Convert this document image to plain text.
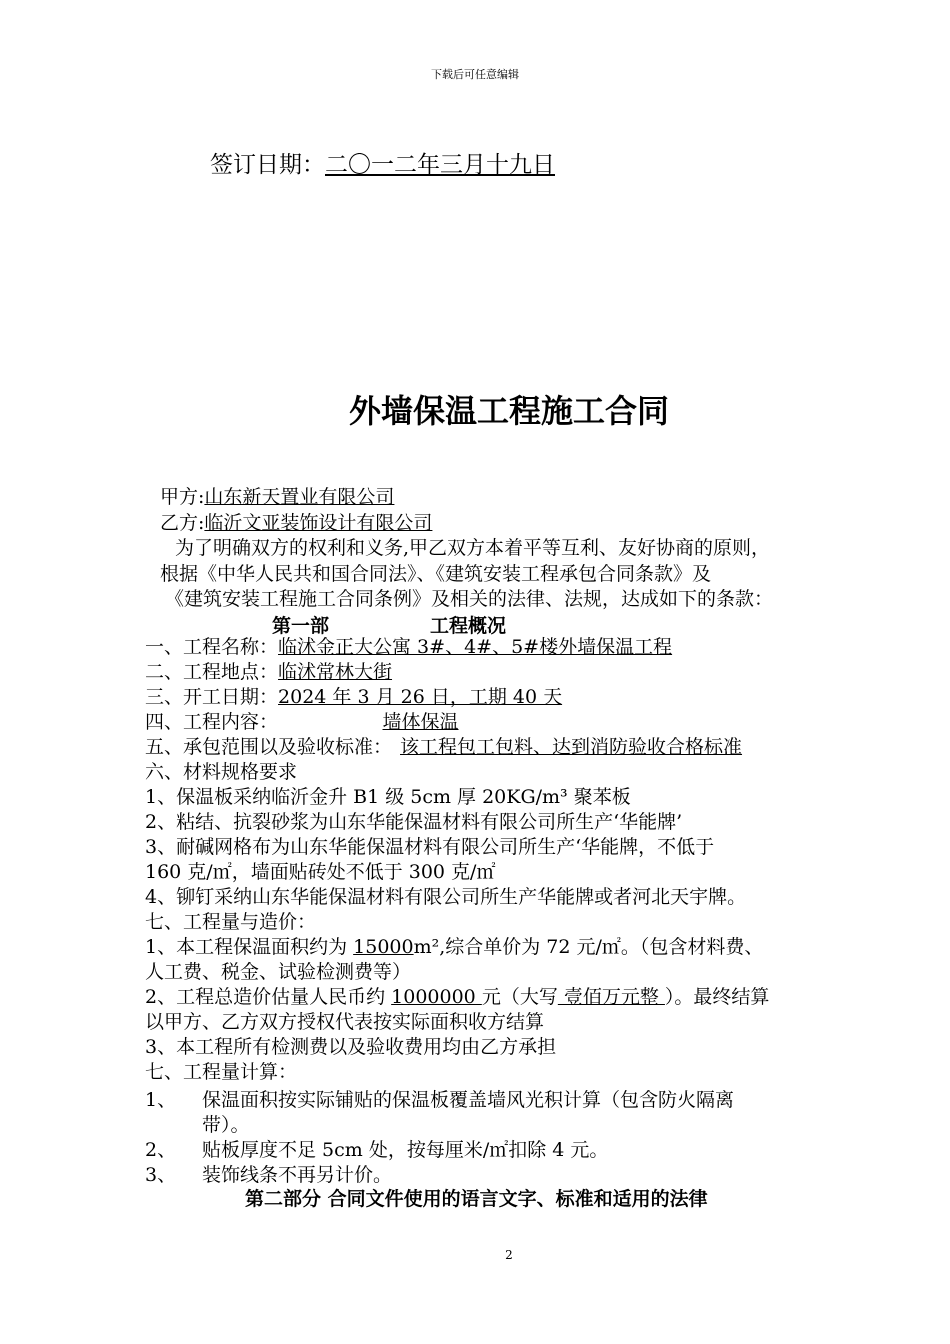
下载后可任意编辑
签订日期：二〇一二年三月十九日
外墙保温工程施工合同
甲方:山东新天置业有限公司
乙方:临沂文亚装饰设计有限公司
为了明确双方的权利和义务,甲乙双方本着平等互利、友好协商的原则，
根据《中华人民共和国合同法》、《建筑安装工程承包合同条款》及
《建筑安装工程施工合同条例》及相关的法律、法规，达成如下的条款：
第一部	工程概况
一、工程名称：临沭金正大公寓 3#、4#、5#楼外墙保温工程
二、工程地点：临沭常林大街
三、开工日期：2024 年 3 月 26 日，工期 40 天
四、工程内容：	墙体保温
五、承包范围以及验收标准： 该工程包工包料、达到消防验收合格标准
六、材料规格要求
1、保温板采纳临沂金升 B1 级 5cm 厚 20KG/m³ 聚苯板
2、粘结、抗裂砂浆为山东华能保温材料有限公司所生产‘华能牌’
3、耐碱网格布为山东华能保温材料有限公司所生产‘华能牌，不低于
160 克/㎡，墙面贴砖处不低于 300 克/㎡
4、铆钉采纳山东华能保温材料有限公司所生产华能牌或者河北天宇牌。
七、工程量与造价：
1、本工程保温面积约为 15000m²,综合单价为 72 元/㎡。（包含材料费、
人工费、税金、试验检测费等）
2、工程总造价估量人民币约 1000000 元（大写 壹佰万元整 ）。最终结算
以甲方、乙方双方授权代表按实际面积收方结算
3、本工程所有检测费以及验收费用均由乙方承担
七、工程量计算：
1、 保温面积按实际铺贴的保温板覆盖墙风光积计算（包含防火隔离
带）。
2、 贴板厚度不足 5cm 处，按每厘米/㎡扣除 4 元。
3、 装饰线条不再另计价。
第二部分 合同文件使用的语言文字、标准和适用的法律
2
